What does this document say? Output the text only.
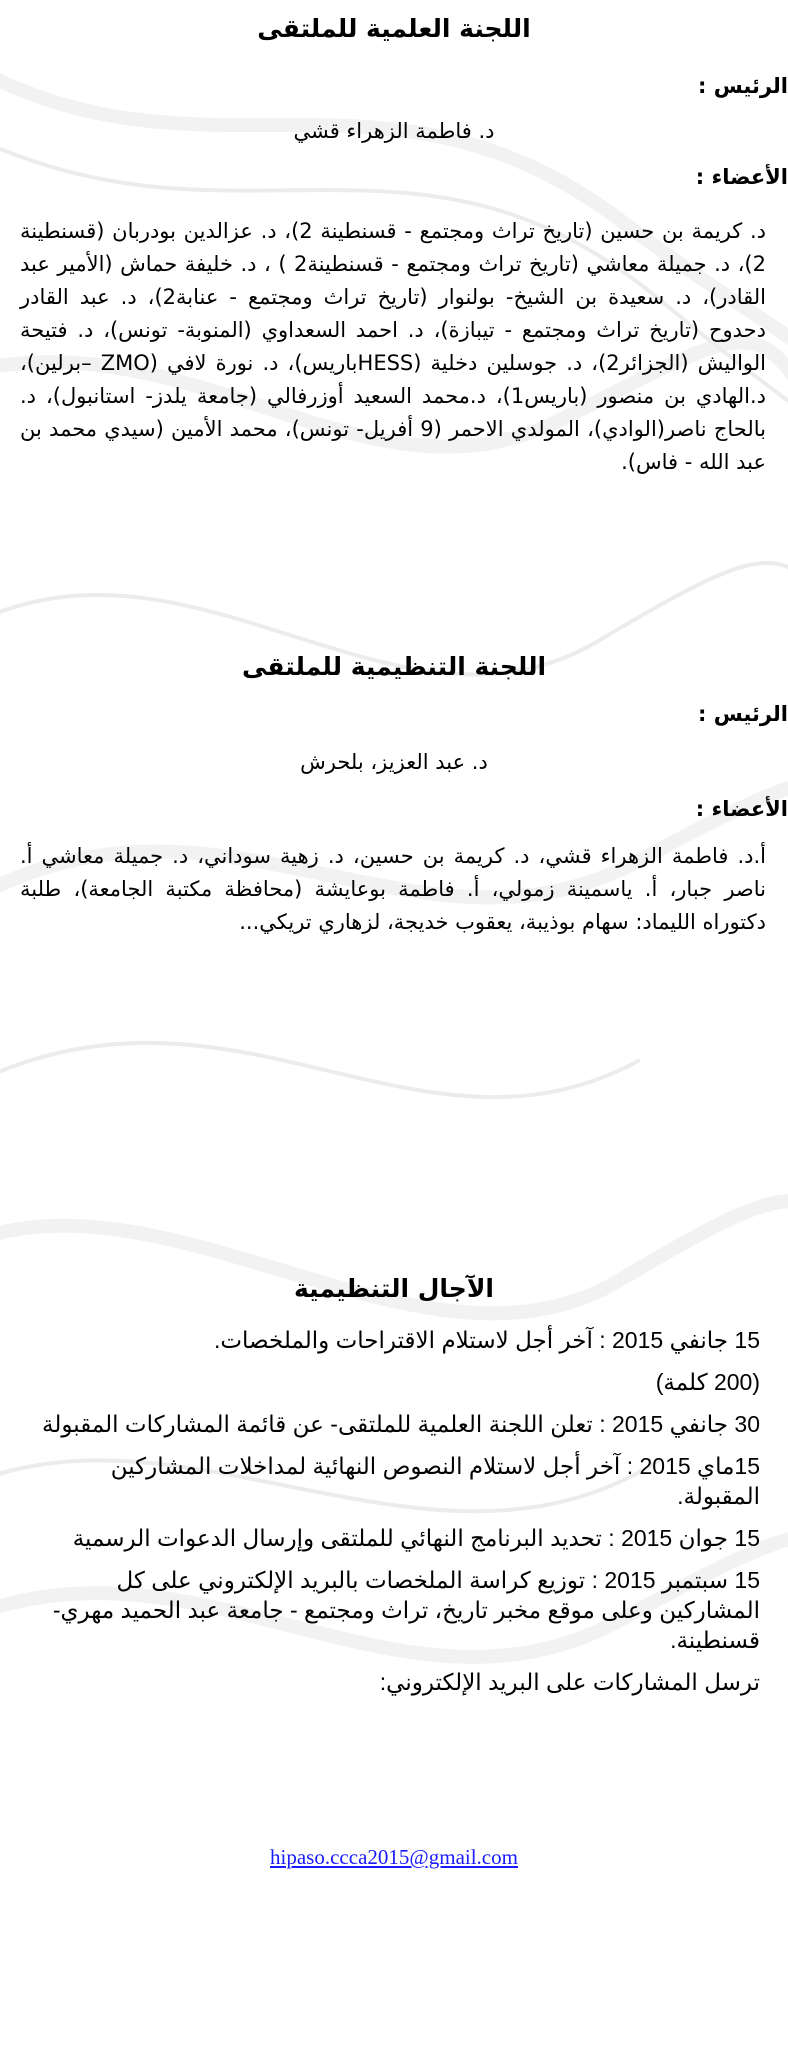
اللجنة العلمية للملتقى

الرئيس :

د. فاطمة الزهراء قشي

الأعضاء :

د. كريمة بن حسين (تاريخ تراث ومجتمع - قسنطينة 2)، د. عزالدين بودربان (قسنطينة 2)، د. جميلة معاشي (تاريخ تراث ومجتمع - قسنطينة2 ) ، د. خليفة حماش (الأمير عبد القادر)، د. سعيدة بن الشيخ- بولنوار (تاريخ تراث ومجتمع - عنابة2)، د. عبد القادر دحدوح (تاريخ تراث ومجتمع - تيبازة)، د. احمد السعداوي (المنوبة- تونس)، د. فتيحة الواليش (الجزائر2)، د. جوسلين دخلية (HESSباريس)، د. نورة لافي (ZMO –برلين)، د.الهادي بن منصور (باريس1)، د.محمد السعيد أوزرفالي (جامعة يلدز- استانبول)، د. بالحاج ناصر(الوادي)، المولدي الاحمر (9 أفريل- تونس)، محمد الأمين (سيدي محمد بن عبد الله - فاس).

اللجنة التنظيمية للملتقى

الرئيس :

د. عبد العزيز، بلحرش

الأعضاء :

أ.د. فاطمة الزهراء قشي، د. كريمة بن حسين، د. زهية سوداني، د. جميلة معاشي أ. ناصر جبار، أ. ياسمينة زمولي، أ. فاطمة بوعايشة (محافظة مكتبة الجامعة)، طلبة دكتوراه الليماد: سهام بوذيبة، يعقوب خديجة، لزهاري تريكي...

الآجال التنظيمية

15 جانفي 2015 : آخر أجل لاستلام الاقتراحات والملخصات.

(200 كلمة)

30 جانفي 2015 : تعلن اللجنة العلمية للملتقى- عن قائمة المشاركات المقبولة

15ماي 2015 : آخر أجل لاستلام النصوص النهائية لمداخلات المشاركين المقبولة.

15 جوان 2015 : تحديد البرنامج النهائي للملتقى وإرسال الدعوات الرسمية

15 سبتمبر 2015 : توزيع كراسة الملخصات بالبريد الإلكتروني على كل المشاركين وعلى موقع مخبر تاريخ، تراث ومجتمع - جامعة عبد الحميد مهري- قسنطينة.

ترسل المشاركات على البريد الإلكتروني:

hipaso.ccca2015@gmail.com
